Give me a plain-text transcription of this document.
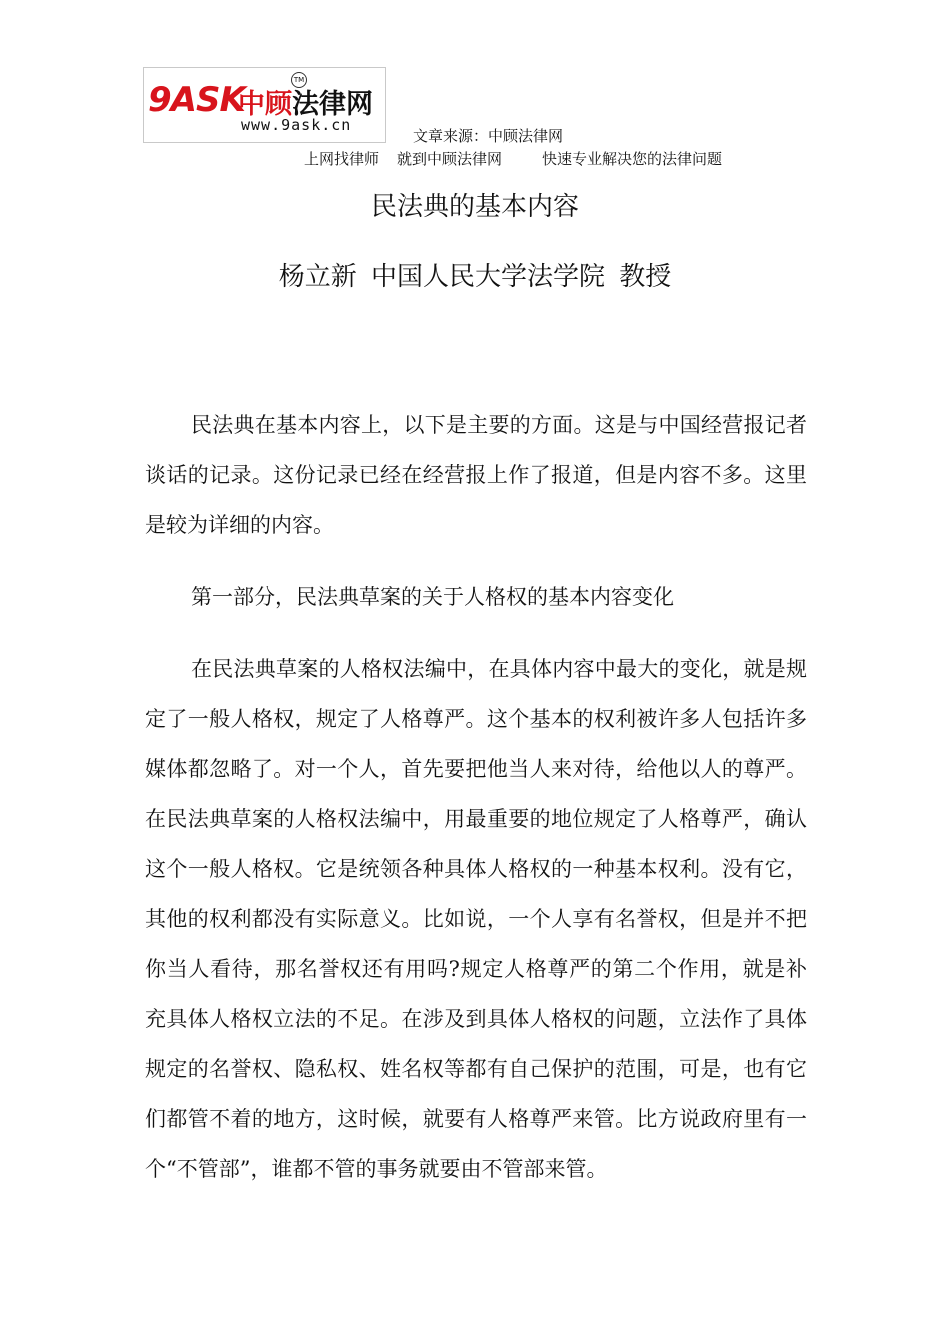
9ASK
中顾法律网
TM
www.9ask.cn
文章来源：中顾法律网
上网找律师 就到中顾法律网	快速专业解决您的法律问题
民法典的基本内容
杨立新 中国人民大学法学院 教授

民法典在基本内容上，以下是主要的方面。这是与中国经营报记者谈话的记录。这份记录已经在经营报上作了报道，但是内容不多。这里是较为详细的内容。

第一部分，民法典草案的关于人格权的基本内容变化

在民法典草案的人格权法编中，在具体内容中最大的变化，就是规定了一般人格权，规定了人格尊严。这个基本的权利被许多人包括许多媒体都忽略了。对一个人，首先要把他当人来对待，给他以人的尊严。在民法典草案的人格权法编中，用最重要的地位规定了人格尊严，确认这个一般人格权。它是统领各种具体人格权的一种基本权利。没有它，其他的权利都没有实际意义。比如说，一个人享有名誉权，但是并不把你当人看待，那名誉权还有用吗?规定人格尊严的第二个作用，就是补充具体人格权立法的不足。在涉及到具体人格权的问题，立法作了具体规定的名誉权、隐私权、姓名权等都有自己保护的范围，可是，也有它们都管不着的地方，这时候，就要有人格尊严来管。比方说政府里有一个“不管部”，谁都不管的事务就要由不管部来管。
